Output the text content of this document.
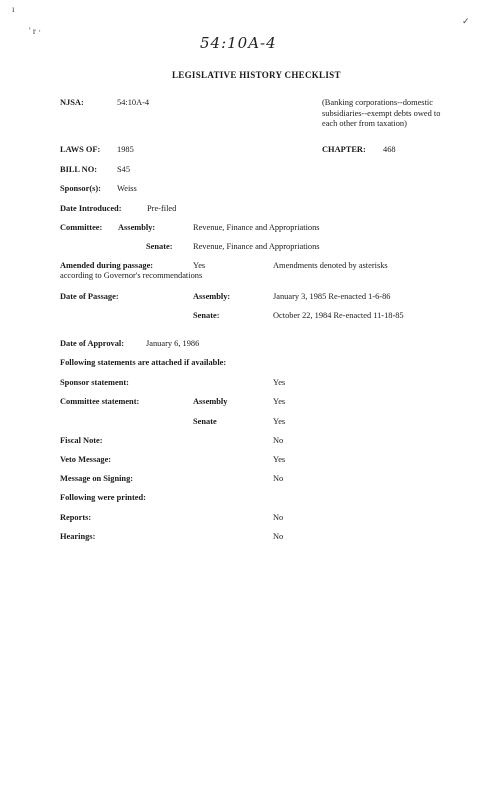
ı
' r ·
✓
54:10A-4
LEGISLATIVE HISTORY CHECKLIST
NJSA:	54:10A-4	(Banking corporations--domestic subsidiaries--exempt debts owed to each other from taxation)
LAWS OF: 1985	CHAPTER: 468
BILL NO: S45
Sponsor(s): Weiss
Date Introduced:	Pre-filed
Committee: Assembly:	Revenue, Finance and Appropriations
Senate: Revenue, Finance and Appropriations
Amended during passage:	Yes	Amendments denoted by asterisks
according to Governor's recommendations
Date of Passage:	Assembly:	January 3, 1985 Re-enacted 1-6-86
Senate:	October 22, 1984 Re-enacted 11-18-85
Date of Approval:	January 6, 1986
Following statements are attached if available:
Sponsor statement:	Yes
Committee statement:	Assembly	Yes
Senate	Yes
Fiscal Note:	No
Veto Message:	Yes
Message on Signing:	No
Following were printed:
Reports:	No
Hearings:	No
